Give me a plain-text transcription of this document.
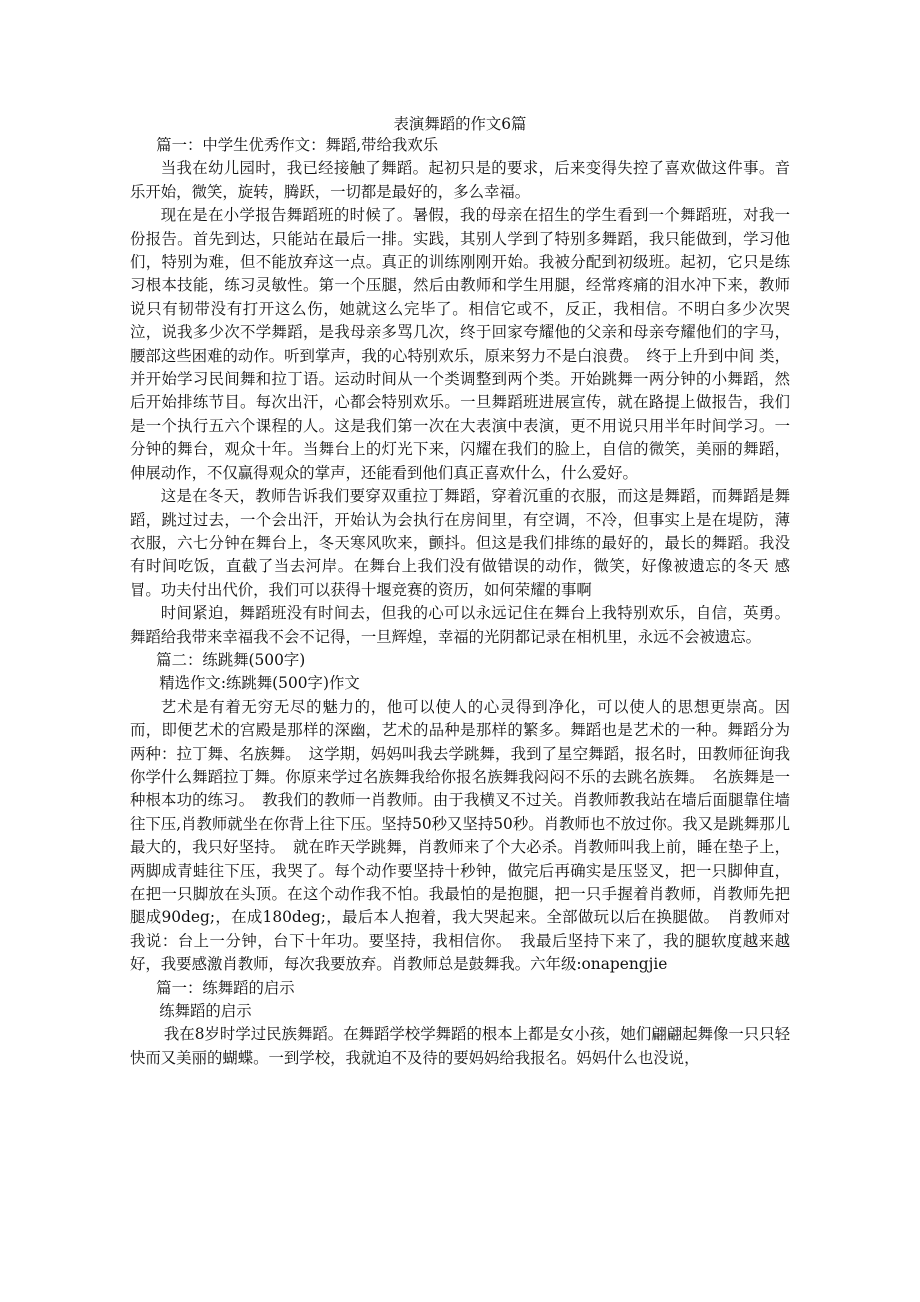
表演舞蹈的作文6篇

篇一：中学生优秀作文：舞蹈,带给我欢乐

当我在幼儿园时，我已经接触了舞蹈。起初只是的要求，后来变得失控了喜欢做这件事。音乐开始，微笑，旋转，腾跃，一切都是最好的，多么幸福。

现在是在小学报告舞蹈班的时候了。暑假，我的母亲在招生的学生看到一个舞蹈班，对我一份报告。首先到达，只能站在最后一排。实践，其别人学到了特别多舞蹈，我只能做到，学习他们，特别为难，但不能放弃这一点。真正的训练刚刚开始。我被分配到初级班。起初，它只是练习根本技能，练习灵敏性。第一个压腿，然后由教师和学生用腿，经常疼痛的泪水冲下来，教师说只有韧带没有打开这么伤，她就这么完毕了。相信它或不，反正，我相信。不明白多少次哭泣，说我多少次不学舞蹈，是我母亲多骂几次，终于回家夸耀他的父亲和母亲夸耀他们的字马，腰部这些困难的动作。听到掌声，我的心特别欢乐，原来努力不是白浪费。　终于上升到中间 类，并开始学习民间舞和拉丁语。运动时间从一个类调整到两个类。开始跳舞一两分钟的小舞蹈，然后开始排练节目。每次出汗，心都会特别欢乐。一旦舞蹈班进展宣传，就在路提上做报告，我们是一个执行五六个课程的人。这是我们第一次在大表演中表演，更不用说只用半年时间学习。一分钟的舞台，观众十年。当舞台上的灯光下来，闪耀在我们的脸上，自信的微笑，美丽的舞蹈，伸展动作，不仅赢得观众的掌声，还能看到他们真正喜欢什么，什么爱好。

这是在冬天，教师告诉我们要穿双重拉丁舞蹈，穿着沉重的衣服，而这是舞蹈，而舞蹈是舞蹈，跳过过去，一个会出汗，开始认为会执行在房间里，有空调，不冷，但事实上是在堤防，薄衣服，六七分钟在舞台上，冬天寒风吹来，颤抖。但这是我们排练的最好的，最长的舞蹈。我没有时间吃饭，直截了当去河岸。在舞台上我们没有做错误的动作，微笑，好像被遗忘的冬天 感冒。功夫付出代价，我们可以获得十堰竞赛的资历，如何荣耀的事啊

时间紧迫，舞蹈班没有时间去，但我的心可以永远记住在舞台上我特别欢乐，自信，英勇。舞蹈给我带来幸福我不会不记得，一旦辉煌，幸福的光阴都记录在相机里，永远不会被遗忘。

篇二：练跳舞(500字)

精选作文:练跳舞(500字)作文

艺术是有着无穷无尽的魅力的，他可以使人的心灵得到净化，可以使人的思想更崇高。因而，即便艺术的宫殿是那样的深幽，艺术的品种是那样的繁多。舞蹈也是艺术的一种。舞蹈分为两种：拉丁舞、名族舞。　这学期，妈妈叫我去学跳舞，我到了星空舞蹈，报名时，田教师征询我 你学什么舞蹈拉丁舞。你原来学过名族舞我给你报名族舞我闷闷不乐的去跳名族舞。　名族舞是一种根本功的练习。　教我们的教师一肖教师。由于我横叉不过关。肖教师教我站在墙后面腿靠住墙往下压,肖教师就坐在你背上往下压。坚持50秒又坚持50秒。肖教师也不放过你。我又是跳舞那儿最大的，我只好坚持。　就在昨天学跳舞，肖教师来了个大必杀。肖教师叫我上前，睡在垫子上，两脚成青蛙往下压，我哭了。每个动作要坚持十秒钟，做完后再确实是压竖叉，把一只脚伸直，在把一只脚放在头顶。在这个动作我不怕。我最怕的是抱腿，把一只手握着肖教师，肖教师先把腿成90deg;，在成180deg;，最后本人抱着，我大哭起来。全部做玩以后在换腿做。　肖教师对我说：台上一分钟，台下十年功。要坚持，我相信你。　我最后坚持下来了，我的腿软度越来越好，我要感激肖教师，每次我要放弃。肖教师总是鼓舞我。六年级:onapengjie

篇一：练舞蹈的启示

练舞蹈的启示

我在8岁时学过民族舞蹈。在舞蹈学校学舞蹈的根本上都是女小孩，她们翩翩起舞像一只只轻快而又美丽的蝴蝶。一到学校，我就迫不及待的要妈妈给我报名。妈妈什么也没说，
